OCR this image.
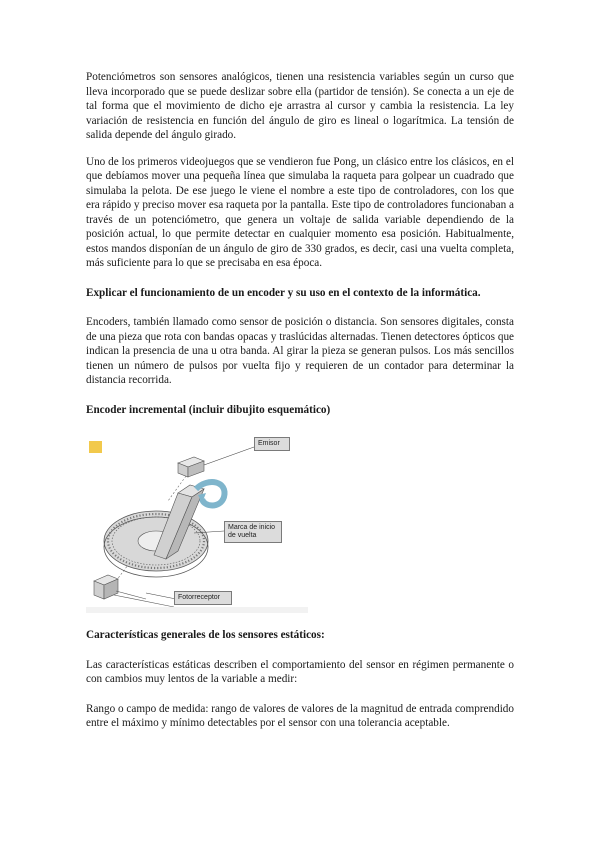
Potenciómetros son sensores analógicos, tienen una resistencia variables según un curso que lleva incorporado que se puede deslizar sobre ella (partidor de tensión). Se conecta a un eje de tal forma que el movimiento de dicho eje arrastra al cursor y cambia la resistencia. La ley variación de resistencia en función del ángulo de giro es lineal o logarítmica. La tensión de salida depende del ángulo girado.

Uno de los primeros videojuegos que se vendieron fue Pong, un clásico entre los clásicos, en el que debíamos mover una pequeña línea que simulaba la raqueta para golpear un cuadrado que simulaba la pelota. De ese juego le viene el nombre a este tipo de controladores, con los que era rápido y preciso mover esa raqueta por la pantalla. Este tipo de controladores funcionaban a través de un potenciómetro, que genera un voltaje de salida variable dependiendo de la posición actual, lo que permite detectar en cualquier momento esa posición. Habitualmente, estos mandos disponían de un ángulo de giro de 330 grados, es decir, casi una vuelta completa, más suficiente para lo que se precisaba en esa época.

Explicar el funcionamiento de un encoder y su uso en el contexto de la informática.

Encoders, también llamado como sensor de posición o distancia. Son sensores digitales, consta de una pieza que rota con bandas opacas y traslúcidas alternadas. Tienen detectores ópticos que indican la presencia de una u otra banda. Al girar la pieza se generan pulsos. Los más sencillos tienen un número de pulsos por vuelta fijo y requieren de un contador para determinar la distancia recorrida.

Encoder incremental (incluir dibujito esquemático)

Emisor
Marca de inicio de vuelta
Fotorreceptor

Características generales de los sensores estáticos:

Las características estáticas describen el comportamiento del sensor en régimen permanente o con cambios muy lentos de la variable a medir:

Rango o campo de medida: rango de valores de valores de la magnitud de entrada comprendido entre el máximo y mínimo detectables por el sensor con una tolerancia aceptable.
